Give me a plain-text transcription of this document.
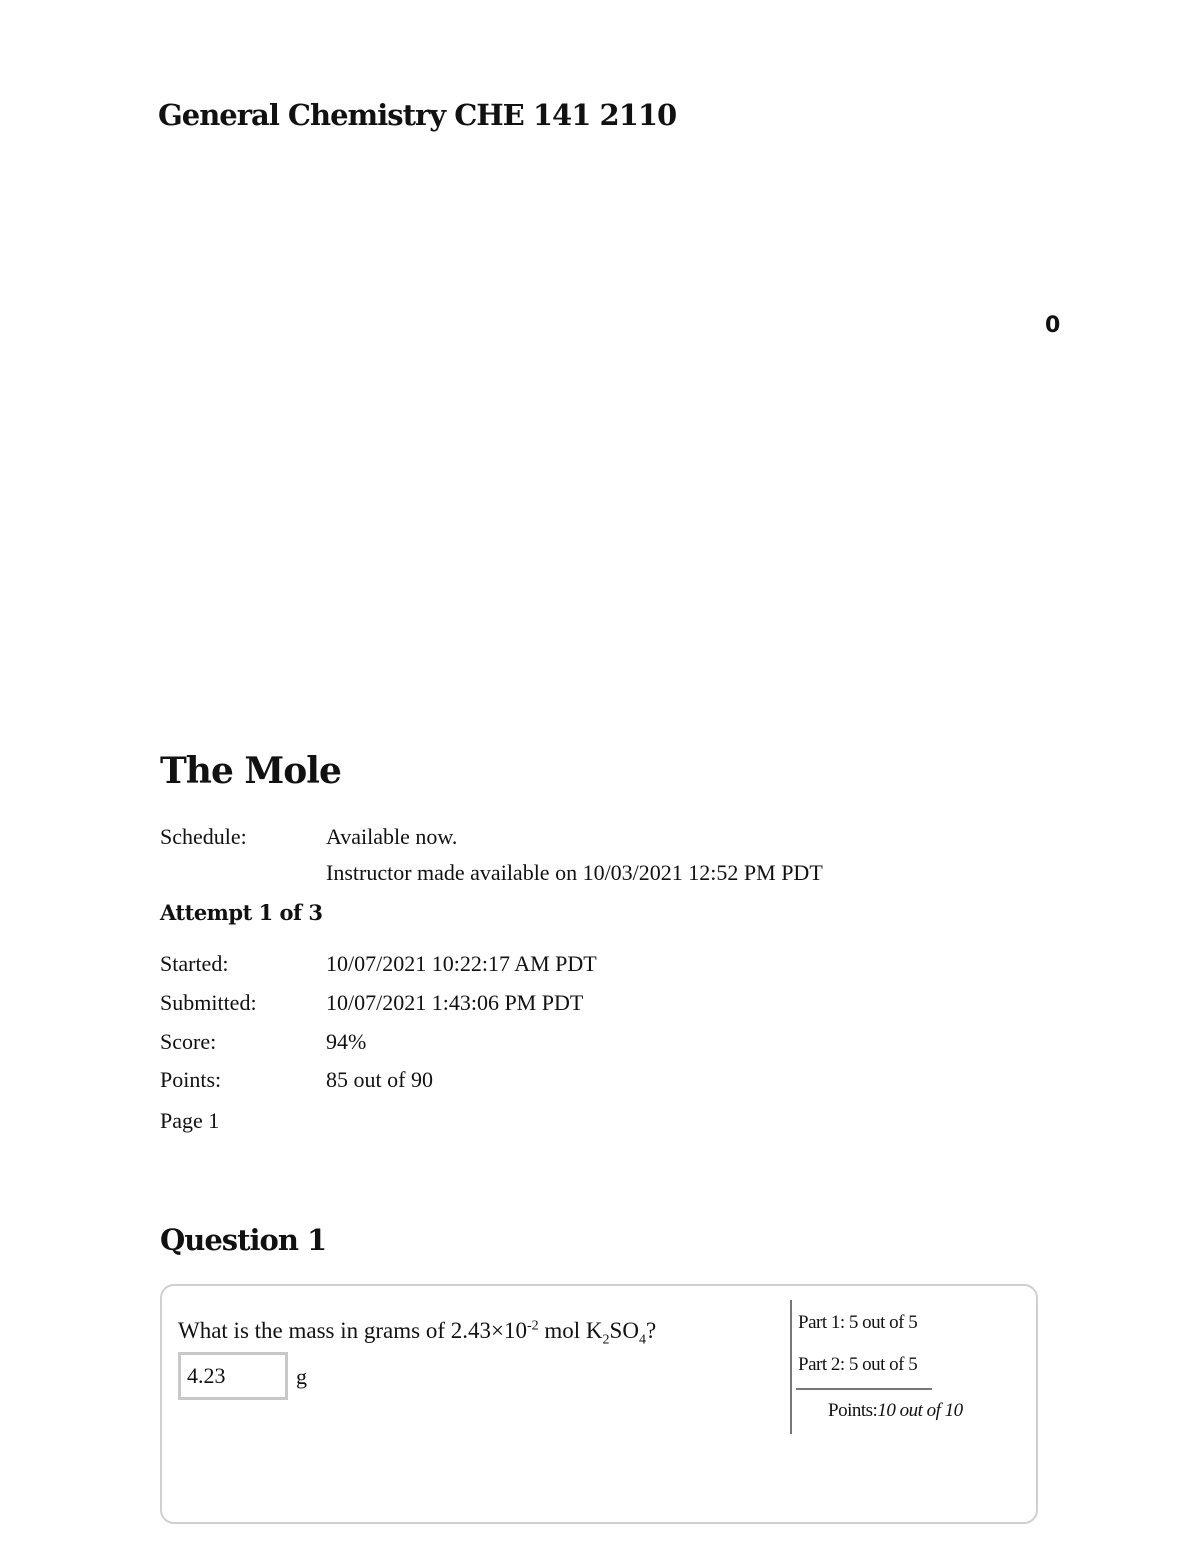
General Chemistry CHE 141 2110
0
The Mole
Schedule:	Available now.
Instructor made available on 10/03/2021 12:52 PM PDT

Attempt 1 of 3

Started:	10/07/2021 10:22:17 AM PDT
Submitted:	10/07/2021 1:43:06 PM PDT
Score:	94%
Points:	85 out of 90
Page 1
Question 1
What is the mass in grams of $2.43\times 10^{-2}$ mol $K_2SO_4$?
4.23
g
Part 1: 5 out of 5
Part 2: 5 out of 5
Points:10 out of 10
